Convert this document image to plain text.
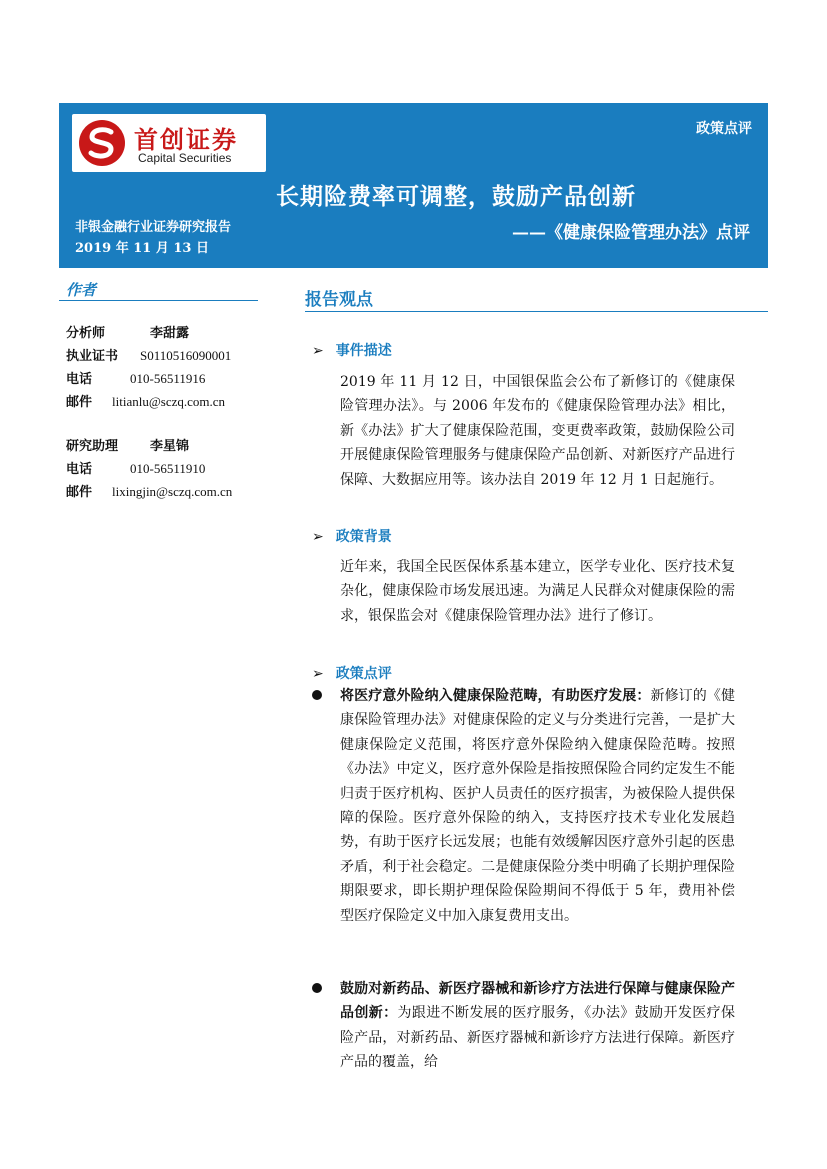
首创证券
Capital Securities
政策点评
长期险费率可调整，鼓励产品创新
——《健康保险管理办法》点评
非银金融行业证券研究报告
2019 年 11 月 13 日
作者
分析师	李甜露
执业证书 S0110516090001
电话	010-56511916
邮件 litianlu@sczq.com.cn
研究助理 李星锦
电话	010-56511910
邮件 lixingjin@sczq.com.cn
报告观点
➢ 事件描述

2019 年 11 月 12 日，中国银保监会公布了新修订的《健康保险管理办法》。与 2006 年发布的《健康保险管理办法》相比，新《办法》扩大了健康保险范围，变更费率政策，鼓励保险公司开展健康保险管理服务与健康保险产品创新、对新医疗产品进行保障、大数据应用等。该办法自 2019 年 12 月 1 日起施行。

➢ 政策背景

近年来，我国全民医保体系基本建立，医学专业化、医疗技术复杂化，健康保险市场发展迅速。为满足人民群众对健康保险的需求，银保监会对《健康保险管理办法》进行了修订。

➢ 政策点评

将医疗意外险纳入健康保险范畴，有助医疗发展：新修订的《健康保险管理办法》对健康保险的定义与分类进行完善，一是扩大健康保险定义范围，将医疗意外保险纳入健康保险范畴。按照《办法》中定义，医疗意外保险是指按照保险合同约定发生不能归责于医疗机构、医护人员责任的医疗损害，为被保险人提供保障的保险。医疗意外保险的纳入，支持医疗技术专业化发展趋势，有助于医疗长远发展；也能有效缓解因医疗意外引起的医患矛盾，利于社会稳定。二是健康保险分类中明确了长期护理保险期限要求，即长期护理保险保险期间不得低于 5 年，费用补偿型医疗保险定义中加入康复费用支出。

鼓励对新药品、新医疗器械和新诊疗方法进行保障与健康保险产品创新：为跟进不断发展的医疗服务，《办法》鼓励开发医疗保险产品，对新药品、新医疗器械和新诊疗方法进行保障。新医疗产品的覆盖，给
